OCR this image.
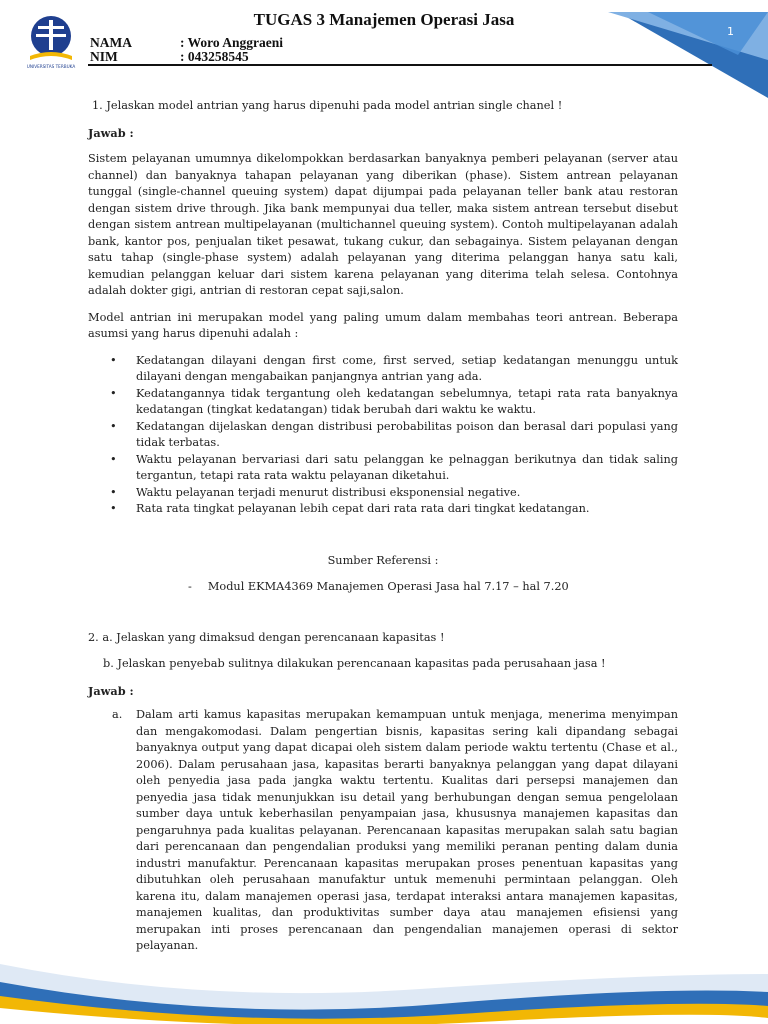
1
UNIVERSITAS TERBUKA
TUGAS 3 Manajemen Operasi Jasa
NAMA	: Woro Anggraeni
NIM	: 043258545

1. Jelaskan model antrian yang harus dipenuhi pada model antrian single chanel !

Jawab :

Sistem pelayanan umumnya dikelompokkan berdasarkan banyaknya pemberi pelayanan (server atau channel) dan banyaknya tahapan pelayanan yang diberikan (phase). Sistem antrean pelayanan tunggal (single-channel queuing system) dapat dijumpai pada pelayanan teller bank atau restoran dengan sistem drive through. Jika bank mempunyai dua teller, maka sistem antrean tersebut disebut dengan sistem antrean multipelayanan (multichannel queuing system). Contoh multipelayanan adalah bank, kantor pos, penjualan tiket pesawat, tukang cukur, dan sebagainya. Sistem pelayanan dengan satu tahap (single-phase system) adalah pelayanan yang diterima pelanggan hanya satu kali, kemudian pelanggan keluar dari sistem karena pelayanan yang diterima telah selesa. Contohnya adalah dokter gigi, antrian di restoran cepat saji,salon.

Model antrian ini merupakan model yang paling umum dalam membahas teori antrean. Beberapa asumsi yang harus dipenuhi adalah :

• Kedatangan dilayani dengan first come, first served, setiap kedatangan menunggu untuk dilayani dengan mengabaikan panjangnya antrian yang ada.
• Kedatangannya tidak tergantung oleh kedatangan sebelumnya, tetapi rata rata banyaknya kedatangan (tingkat kedatangan) tidak berubah dari waktu ke waktu.
• Kedatangan dijelaskan dengan distribusi perobabilitas poison dan berasal dari populasi yang tidak terbatas.
• Waktu pelayanan bervariasi dari satu pelanggan ke pelnaggan berikutnya dan tidak saling tergantun, tetapi rata rata waktu pelayanan diketahui.
• Waktu pelayanan terjadi menurut distribusi eksponensial negative.
• Rata rata tingkat pelayanan lebih cepat dari rata rata dari tingkat kedatangan.

Sumber Referensi :

- Modul EKMA4369 Manajemen Operasi Jasa hal 7.17 – hal 7.20

2. a. Jelaskan yang dimaksud dengan perencanaan kapasitas !

b. Jelaskan penyebab sulitnya dilakukan perencanaan kapasitas pada perusahaan jasa !

Jawab :

a. Dalam arti kamus kapasitas merupakan kemampuan untuk menjaga, menerima menyimpan dan mengakomodasi. Dalam pengertian bisnis, kapasitas sering kali dipandang sebagai banyaknya output yang dapat dicapai oleh sistem dalam periode waktu tertentu (Chase et al., 2006). Dalam perusahaan jasa, kapasitas berarti banyaknya pelanggan yang dapat dilayani oleh penyedia jasa pada jangka waktu tertentu. Kualitas dari persepsi manajemen dan penyedia jasa tidak menunjukkan isu detail yang berhubungan dengan semua pengelolaan sumber daya untuk keberhasilan penyampaian jasa, khususnya manajemen kapasitas dan pengaruhnya pada kualitas pelayanan. Perencanaan kapasitas merupakan salah satu bagian dari perencanaan dan pengendalian produksi yang memiliki peranan penting dalam dunia industri manufaktur. Perencanaan kapasitas merupakan proses penentuan kapasitas yang dibutuhkan oleh perusahaan manufaktur untuk memenuhi permintaan pelanggan. Oleh karena itu, dalam manajemen operasi jasa, terdapat interaksi antara manajemen kapasitas, manajemen kualitas, dan produktivitas sumber daya atau manajemen efisiensi yang merupakan inti proses perencanaan dan pengendalian manajemen operasi di sektor pelayanan.
